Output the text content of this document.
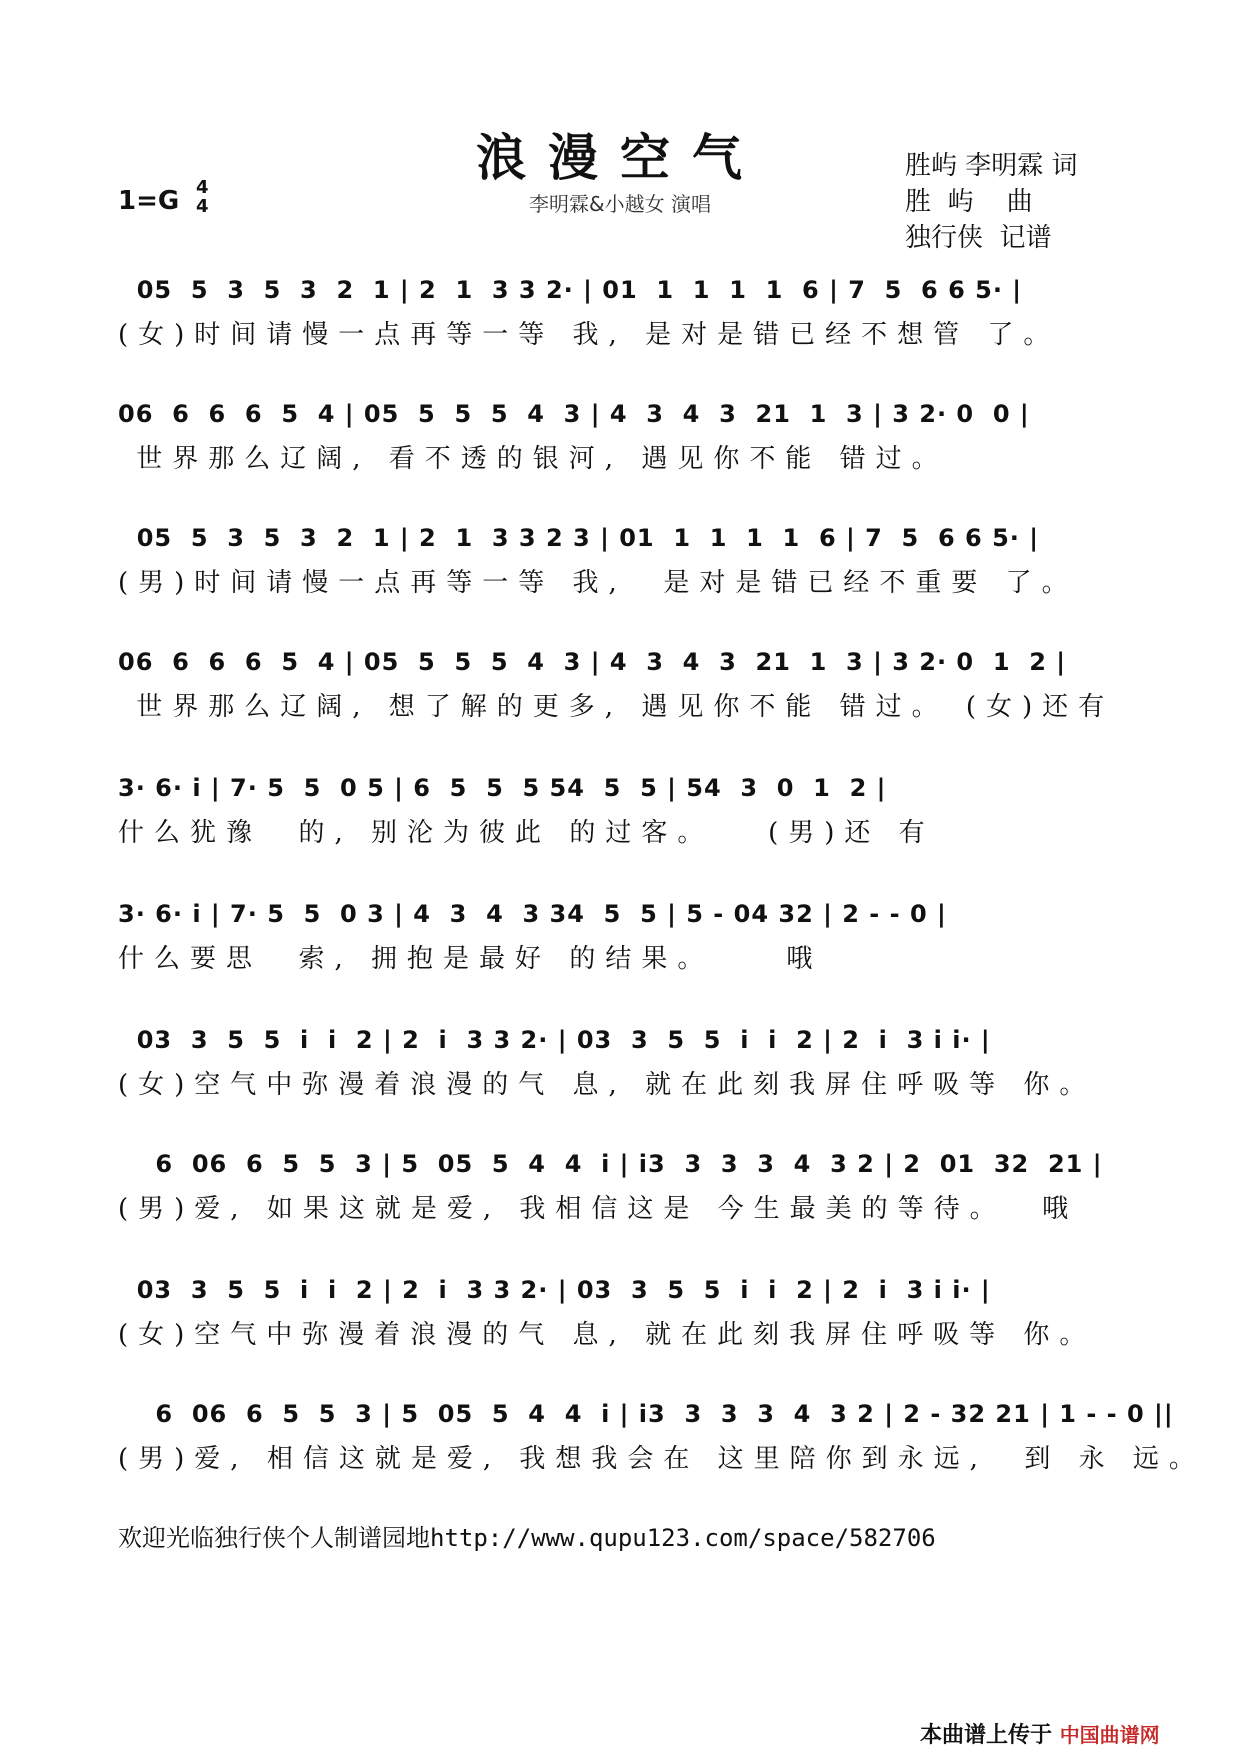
浪漫空气
李明霖&小越女 演唱
1=G 4
4
胜屿 李明霖 词
胜  屿    曲
独行侠  记谱
05  5  3  5  3  2  1 | 2  1  3 3 2· | 01  1  1  1  1  6 | 7  5  6 6 5· |
(女)时间请慢一点再等一等 我, 是对是错已经不想管 了。
06  6  6  6  5  4 | 05  5  5  5  4  3 | 4  3  4  3  21  1  3 | 3 2· 0  0 |
世界那么辽阔, 看不透的银河, 遇见你不能 错过。
05  5  3  5  3  2  1 | 2  1  3 3 2 3 | 01  1  1  1  1  6 | 7  5  6 6 5· |
(男)时间请慢一点再等一等 我,  是对是错已经不重要 了。
06  6  6  6  5  4 | 05  5  5  5  4  3 | 4  3  4  3  21  1  3 | 3 2· 0  1  2 |
世界那么辽阔, 想了解的更多, 遇见你不能 错过。 (女)还有
3· 6· i | 7· 5  5  0 5 | 6  5  5  5 54  5  5 | 54  3  0  1  2 |
什么犹豫  的, 别沦为彼此 的过客。   (男)还 有
3· 6· i | 7· 5  5  0 3 | 4  3  4  3 34  5  5 | 5 - 04 32 | 2 - - 0 |
什么要思  索, 拥抱是最好 的结果。    哦
03  3  5  5  i  i  2 | 2  i  3 3 2· | 03  3  5  5  i  i  2 | 2  i  3 i i· |
(女)空气中弥漫着浪漫的气 息, 就在此刻我屏住呼吸等 你。
6  06  6  5  5  3 | 5  05  5  4  4  i | i3  3  3  3  4  3 2 | 2  01  32  21 |
(男)爱, 如果这就是爱, 我相信这是 今生最美的等待。  哦
03  3  5  5  i  i  2 | 2  i  3 3 2· | 03  3  5  5  i  i  2 | 2  i  3 i i· |
(女)空气中弥漫着浪漫的气 息, 就在此刻我屏住呼吸等 你。
6  06  6  5  5  3 | 5  05  5  4  4  i | i3  3  3  3  4  3 2 | 2 - 32 21 | 1 - - 0 ||
(男)爱, 相信这就是爱, 我想我会在 这里陪你到永远,  到 永 远。
欢迎光临独行侠个人制谱园地http://www.qupu123.com/space/582706
本曲谱上传于 中国曲谱网
